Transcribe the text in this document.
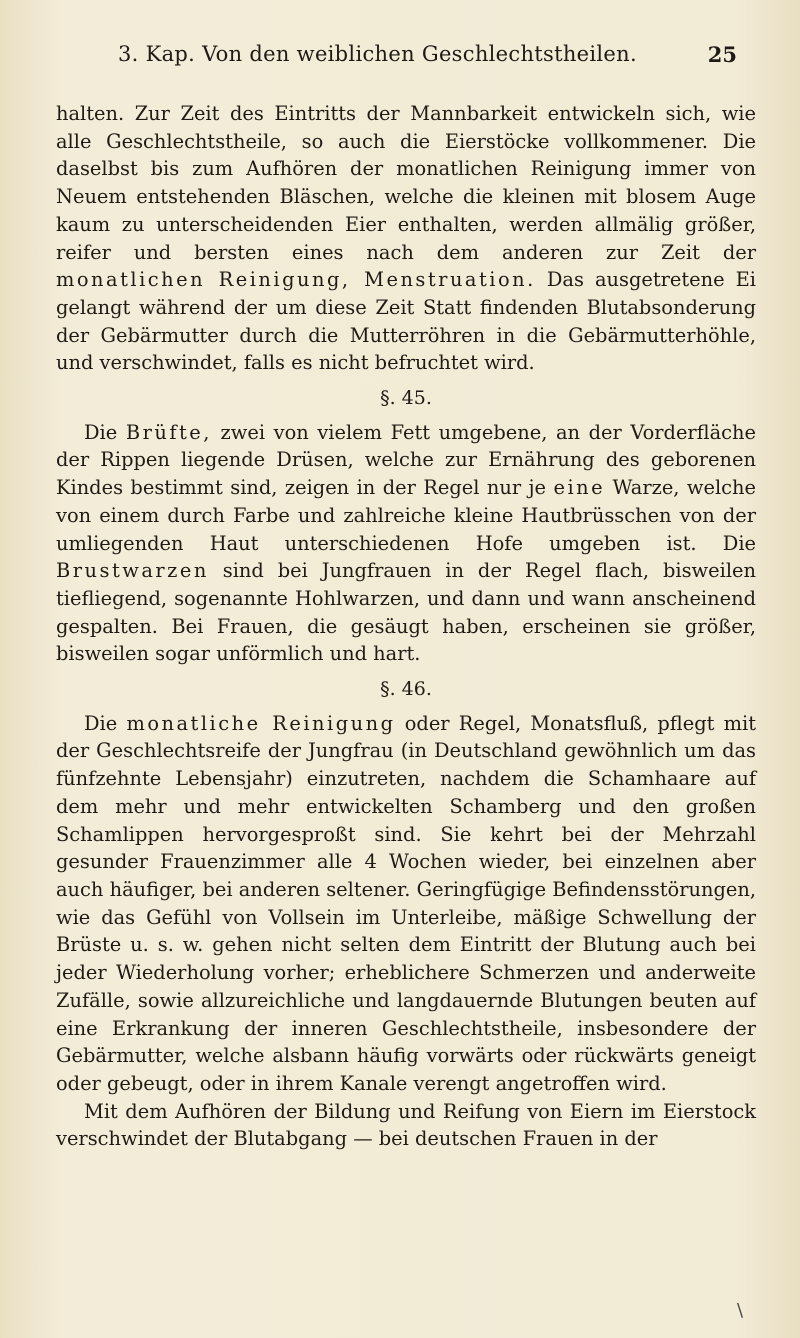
3. Kap. Von den weiblichen Geschlechtstheilen.	25

halten. Zur Zeit des Eintritts der Mannbarkeit entwickeln sich, wie alle Geschlechtstheile, so auch die Eierstöcke vollkommener. Die daselbst bis zum Aufhören der monatlichen Reinigung immer von Neuem entstehenden Bläschen, welche die kleinen mit blosem Auge kaum zu unterscheidenden Eier enthalten, werden allmälig größer, reifer und bersten eines nach dem anderen zur Zeit der monatlichen Reinigung, Menstruation. Das ausgetretene Ei gelangt während der um diese Zeit Statt findenden Blutabsonderung der Gebärmutter durch die Mutterröhren in die Gebärmutterhöhle, und verschwindet, falls es nicht befruchtet wird.

§. 45.

Die Brüfte, zwei von vielem Fett umgebene, an der Vorderfläche der Rippen liegende Drüsen, welche zur Ernährung des geborenen Kindes bestimmt sind, zeigen in der Regel nur je eine Warze, welche von einem durch Farbe und zahlreiche kleine Hautbrüsschen von der umliegenden Haut unterschiedenen Hofe umgeben ist. Die Brustwarzen sind bei Jungfrauen in der Regel flach, bisweilen tiefliegend, sogenannte Hohlwarzen, und dann und wann anscheinend gespalten. Bei Frauen, die gesäugt haben, erscheinen sie größer, bisweilen sogar unförmlich und hart.

§. 46.

Die monatliche Reinigung oder Regel, Monatsfluß, pflegt mit der Geschlechtsreife der Jungfrau (in Deutschland gewöhnlich um das fünfzehnte Lebensjahr) einzutreten, nachdem die Schamhaare auf dem mehr und mehr entwickelten Schamberg und den großen Schamlippen hervorgesproßt sind. Sie kehrt bei der Mehrzahl gesunder Frauenzimmer alle 4 Wochen wieder, bei einzelnen aber auch häufiger, bei anderen seltener. Geringfügige Befindensstörungen, wie das Gefühl von Vollsein im Unterleibe, mäßige Schwellung der Brüste u. s. w. gehen nicht selten dem Eintritt der Blutung auch bei jeder Wiederholung vorher; erheblichere Schmerzen und anderweite Zufälle, sowie allzureichliche und langdauernde Blutungen beuten auf eine Erkrankung der inneren Geschlechtstheile, insbesondere der Gebärmutter, welche alsbann häufig vorwärts oder rückwärts geneigt oder gebeugt, oder in ihrem Kanale verengt angetroffen wird.

Mit dem Aufhören der Bildung und Reifung von Eiern im Eierstock verschwindet der Blutabgang — bei deutschen Frauen in der

\
